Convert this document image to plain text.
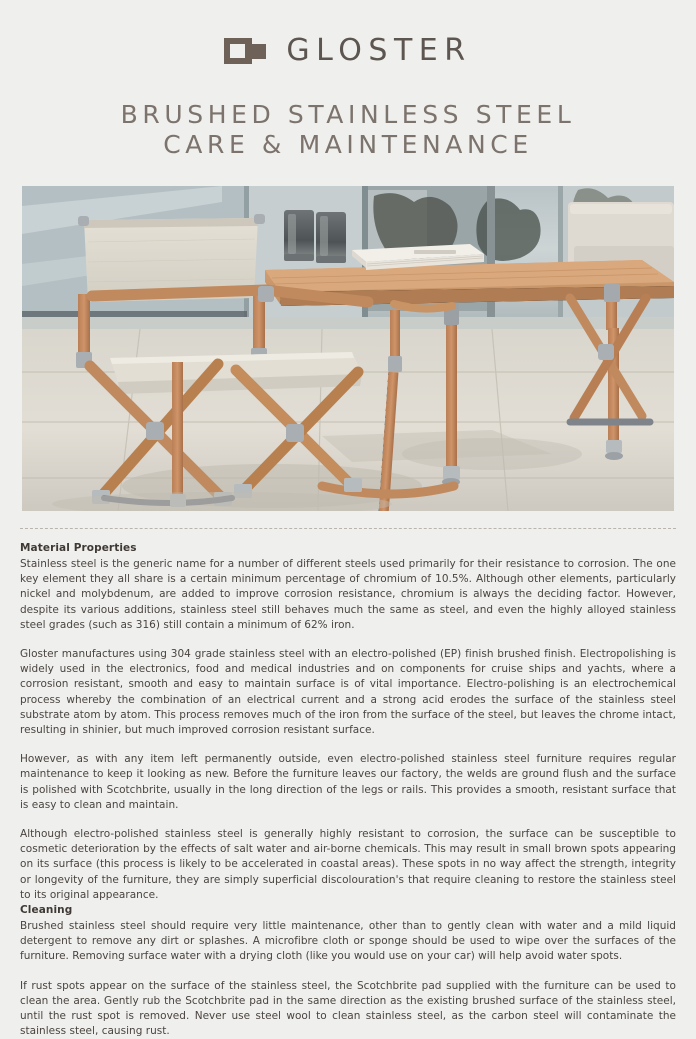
GLOSTER
BRUSHED STAINLESS STEEL
CARE & MAINTENANCE
Material Properties

Stainless steel is the generic name for a number of different steels used primarily for their resistance to corrosion. The one key element they all share is a certain minimum percentage of chromium of 10.5%. Although other elements, particularly nickel and molybdenum, are added to improve corrosion resistance, chromium is always the deciding factor. However, despite its various additions, stainless steel still behaves much the same as steel, and even the highly alloyed stainless steel grades (such as 316) still contain a minimum of 62% iron.

Gloster manufactures using 304 grade stainless steel with an electro-polished (EP) finish brushed finish. Electropolishing is widely used in the electronics, food and medical industries and on components for cruise ships and yachts, where a corrosion resistant, smooth and easy to maintain surface is of vital importance. Electro-polishing is an electrochemical process whereby the combination of an electrical current and a strong acid erodes the surface of the stainless steel substrate atom by atom. This process removes much of the iron from the surface of the steel, but leaves the chrome intact, resulting in shinier, but much improved corrosion resistant surface.

However, as with any item left permanently outside, even electro-polished stainless steel furniture requires regular maintenance to keep it looking as new. Before the furniture leaves our factory, the welds are ground flush and the surface is polished with Scotchbrite, usually in the long direction of the legs or rails. This provides a smooth, resistant surface that is easy to clean and maintain.

Although electro-polished stainless steel is generally highly resistant to corrosion, the surface can be susceptible to cosmetic deterioration by the effects of salt water and air-borne chemicals. This may result in small brown spots appearing on its surface (this process is likely to be accelerated in coastal areas). These spots in no way affect the strength, integrity or longevity of the furniture, they are simply superficial discolouration's that require cleaning to restore the stainless steel to its original appearance.

Cleaning

Brushed stainless steel should require very little maintenance, other than to gently clean with water and a mild liquid detergent to remove any dirt or splashes. A microfibre cloth or sponge should be used to wipe over the surfaces of the furniture. Removing surface water with a drying cloth (like you would use on your car) will help avoid water spots.

If rust spots appear on the surface of the stainless steel, the Scotchbrite pad supplied with the furniture can be used to clean the area. Gently rub the Scotchbrite pad in the same direction as the existing brushed surface of the stainless steel, until the rust spot is removed. Never use steel wool to clean stainless steel, as the carbon steel will contaminate the stainless steel, causing rust.
